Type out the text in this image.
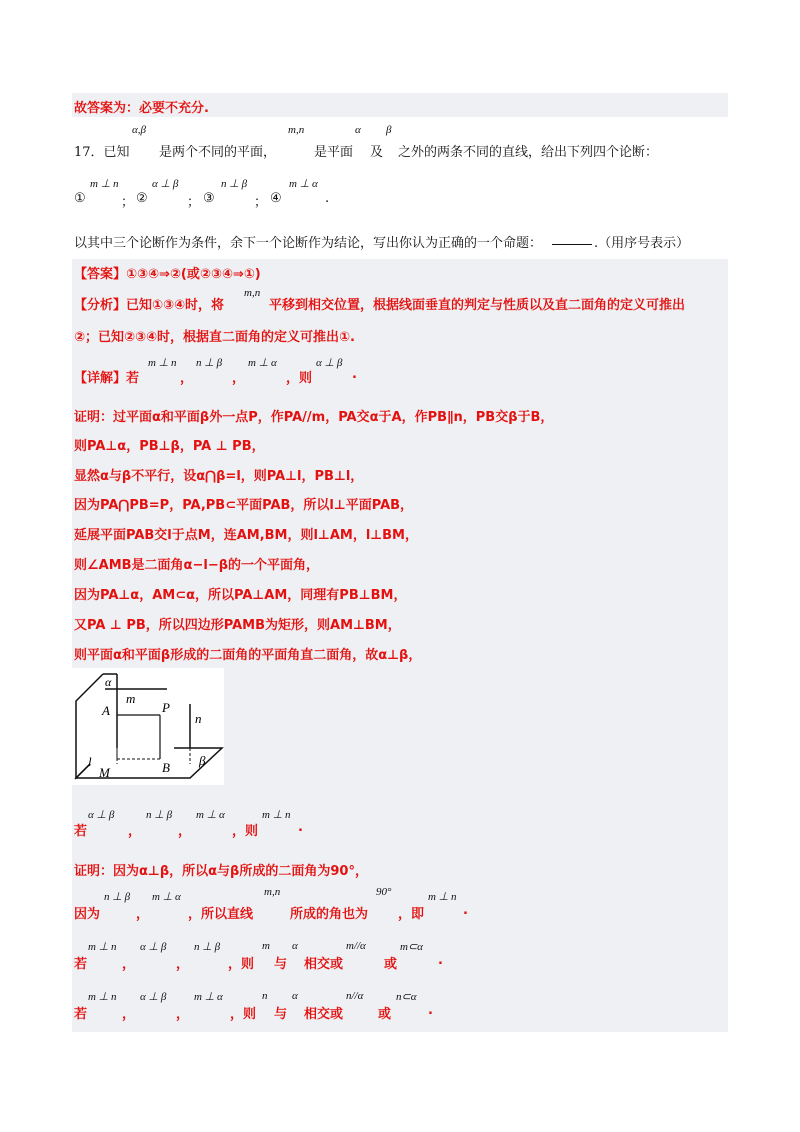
故答案为：必要不充分.
17．已知
α,β
是两个不同的平面，
m,n
是平面
α
及
β
之外的两条不同的直线，给出下列四个论断：
①
m ⊥ n
； ②
α ⊥ β
； ③
n ⊥ β
； ④
m ⊥ α
.
以其中三个论断作为条件，余下一个论断作为结论，写出你认为正确的一个命题：	.（用序号表示）
【答案】①③④⇒②(或②③④⇒①)
【分析】已知①③④时，将
m,n
平移到相交位置，根据线面垂直的判定与性质以及直二面角的定义可推出
②；已知②③④时，根据直二面角的定义可推出①.
【详解】若
m ⊥ n
，
n ⊥ β
，
m ⊥ α
，则
α ⊥ β
.
证明：过平面α和平面β外一点P，作PA//m，PA交α于A，作PB∥n，PB交β于B，
则PA⊥α，PB⊥β，PA ⊥ PB，
显然α与β不平行，设α⋂β=l，则PA⊥l，PB⊥l，
因为PA⋂PB=P，PA,PB⊂平面PAB，所以l⊥平面PAB，
延展平面PAB交l于点M，连AM,BM，则l⊥AM，l⊥BM，
则∠AMB是二面角α−l−β的一个平面角，
因为PA⊥α，AM⊂α，所以PA⊥AM，同理有PB⊥BM，
又PA ⊥ PB，所以四边形PAMB为矩形，则AM⊥BM，
则平面α和平面β形成的二面角的平面角直二面角，故α⊥β，
α
m
A	P
n
l
M	B β
若
α ⊥ β
，
n ⊥ β
，
m ⊥ α
，则
m ⊥ n
.
证明：因为α⊥β，所以α与β所成的二面角为90°，
因为
n ⊥ β
，
m ⊥ α
，所以直线
m,n
所成的角也为
90°
，即
m ⊥ n
.
若
m ⊥ n
，
α ⊥ β
，
n ⊥ β
，则
m
与
α
相交或
m//α
或
m⊂α
.
若
m ⊥ n
，
α ⊥ β
，
m ⊥ α
，则
n
与
α
相交或
n//α
或
n⊂α
.
